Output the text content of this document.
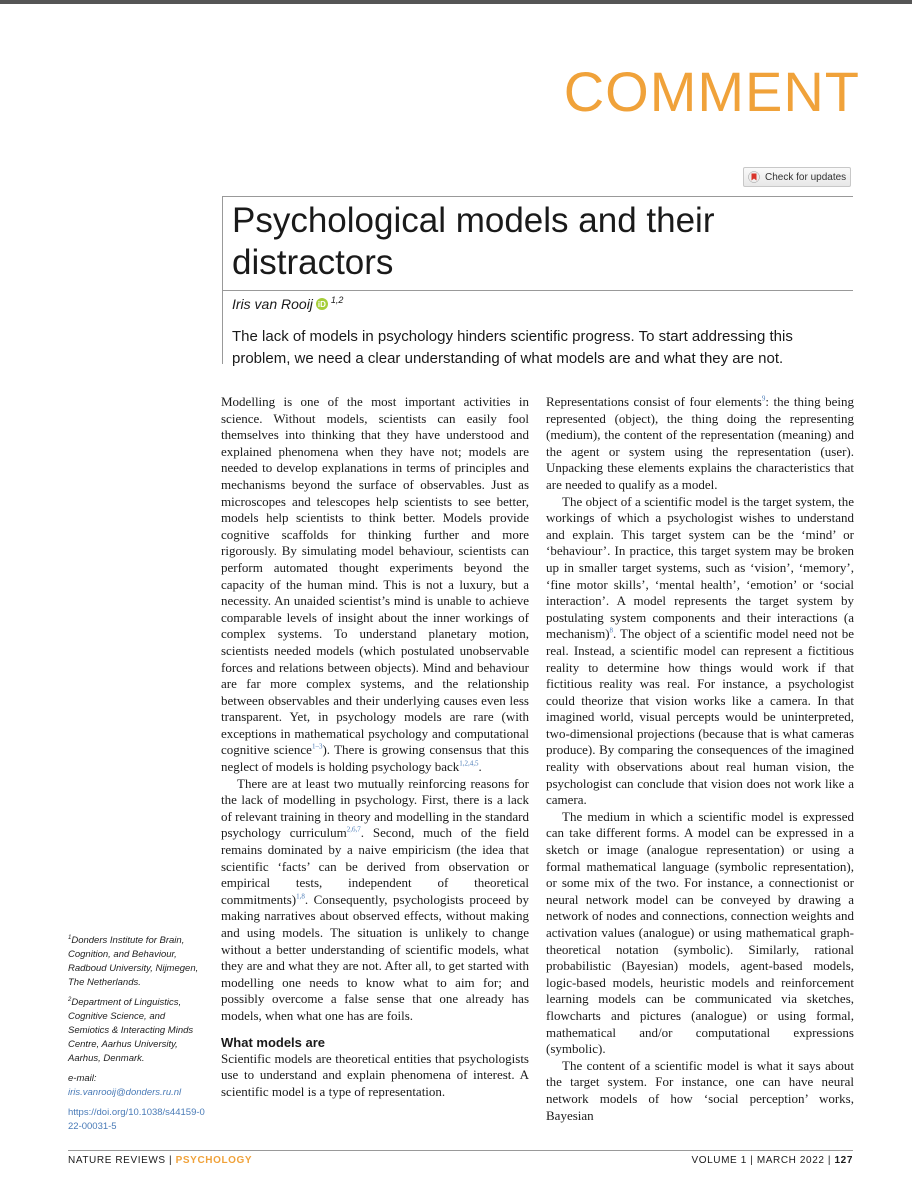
COMMENT
Check for updates
Psychological models and their distractors
Iris van Rooij iD $^{1,2}$

The lack of models in psychology hinders scientific progress. To start addressing this problem, we need a clear understanding of what models are and what they are not.

Modelling is one of the most important activities in science. Without models, scientists can easily fool themselves into thinking that they have understood and explained phenomena when they have not; models are needed to develop explanations in terms of principles and mechanisms beyond the surface of observables. Just as microscopes and telescopes help scientists to see better, models help scientists to think better. Models provide cognitive scaffolds for thinking further and more rigorously. By simulating model behaviour, scientists can perform automated thought experiments beyond the capacity of the human mind. This is not a luxury, but a necessity. An unaided scientist’s mind is unable to achieve comparable levels of insight about the inner workings of complex systems. To understand planetary motion, scientists needed models (which postulated unobservable forces and relations between objects). Mind and behaviour are far more complex systems, and the relationship between observables and their underlying causes even less transparent. Yet, in psychology models are rare (with exceptions in mathematical psychology and computational cognitive science$^{1-3}$). There is growing consensus that this neglect of models is holding psychology back$^{1,2,4,5}$.

There are at least two mutually reinforcing reasons for the lack of modelling in psychology. First, there is a lack of relevant training in theory and modelling in the standard psychology curriculum$^{2,6,7}$. Second, much of the field remains dominated by a naive empiricism (the idea that scientific ‘facts’ can be derived from observation or empirical tests, independent of theoretical commitments)$^{1,8}$. Consequently, psychologists proceed by making narratives about observed effects, without making and using models. The situation is unlikely to change without a better understanding of scientific models, what they are and what they are not. After all, to get started with modelling one needs to know what to aim for; and possibly overcome a false sense that one already has models, when what one has are foils.

What models are

Scientific models are theoretical entities that psychologists use to understand and explain phenomena of interest. A scientific model is a type of representation.

Representations consist of four elements$^9$: the thing being represented (object), the thing doing the representing (medium), the content of the representation (meaning) and the agent or system using the representation (user). Unpacking these elements explains the characteristics that are needed to qualify as a model.

The object of a scientific model is the target system, the workings of which a psychologist wishes to understand and explain. This target system can be the ‘mind’ or ‘behaviour’. In practice, this target system may be broken up in smaller target systems, such as ‘vision’, ‘memory’, ‘fine motor skills’, ‘mental health’, ‘emotion’ or ‘social interaction’. A model represents the target system by postulating system components and their interactions (a mechanism)$^8$. The object of a scientific model need not be real. Instead, a scientific model can represent a fictitious reality to determine how things would work if that fictitious reality was real. For instance, a psychologist could theorize that vision works like a camera. In that imagined world, visual percepts would be uninterpreted, two-dimensional projections (because that is what cameras produce). By comparing the consequences of the imagined reality with observations about real human vision, the psychologist can conclude that vision does not work like a camera.

The medium in which a scientific model is expressed can take different forms. A model can be expressed in a sketch or image (analogue representation) or using a formal mathematical language (symbolic representation), or some mix of the two. For instance, a connectionist or neural network model can be conveyed by drawing a network of nodes and connections, connection weights and activation values (analogue) or using mathematical graph-theoretical notation (symbolic). Similarly, rational probabilistic (Bayesian) models, agent-based models, logic-based models, heuristic models and reinforcement learning models can be communicated via sketches, flowcharts and pictures (analogue) or using formal, mathematical and/or computational expressions (symbolic).

The content of a scientific model is what it says about the target system. For instance, one can have neural network models of how ‘social perception’ works, Bayesian

$^1$Donders Institute for Brain, Cognition, and Behaviour, Radboud University, Nijmegen, The Netherlands.

$^2$Department of Linguistics, Cognitive Science, and Semiotics & Interacting Minds Centre, Aarhus University, Aarhus, Denmark.

e-mail: iris.vanrooij@donders.ru.nl

https://doi.org/10.1038/s44159-022-00031-5

NATURE REVIEWS | PSYCHOLOGY	VOLUME 1 | MARCH 2022 | 127
